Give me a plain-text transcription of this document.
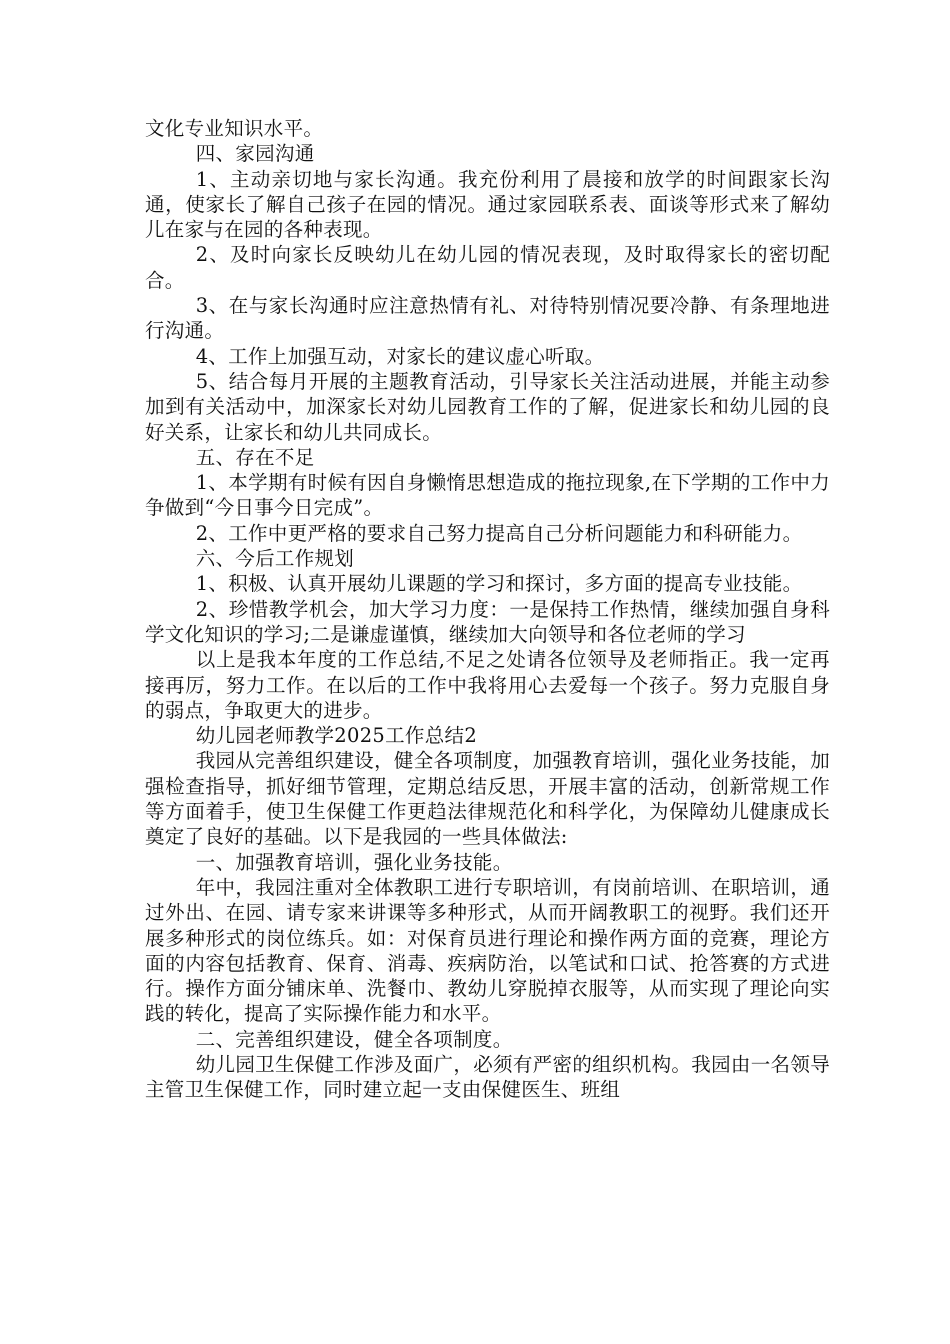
文化专业知识水平。

四、家园沟通

1、主动亲切地与家长沟通。我充份利用了晨接和放学的时间跟家长沟通，使家长了解自己孩子在园的情况。通过家园联系表、面谈等形式来了解幼儿在家与在园的各种表现。

2、及时向家长反映幼儿在幼儿园的情况表现，及时取得家长的密切配合。

3、在与家长沟通时应注意热情有礼、对待特别情况要冷静、有条理地进行沟通。

4、工作上加强互动，对家长的建议虚心听取。

5、结合每月开展的主题教育活动，引导家长关注活动进展，并能主动参加到有关活动中，加深家长对幼儿园教育工作的了解，促进家长和幼儿园的良好关系，让家长和幼儿共同成长。

五、存在不足

1、本学期有时候有因自身懒惰思想造成的拖拉现象,在下学期的工作中力争做到“今日事今日完成”。

2、工作中更严格的要求自己努力提高自己分析问题能力和科研能力。

六、今后工作规划

1、积极、认真开展幼儿课题的学习和探讨，多方面的提高专业技能。

2、珍惜教学机会，加大学习力度：一是保持工作热情，继续加强自身科学文化知识的学习;二是谦虚谨慎，继续加大向领导和各位老师的学习

以上是我本年度的工作总结,不足之处请各位领导及老师指正。我一定再接再厉，努力工作。在以后的工作中我将用心去爱每一个孩子。努力克服自身的弱点，争取更大的进步。

幼儿园老师教学2025工作总结2

我园从完善组织建设，健全各项制度，加强教育培训，强化业务技能，加强检查指导，抓好细节管理，定期总结反思，开展丰富的活动，创新常规工作等方面着手，使卫生保健工作更趋法律规范化和科学化，为保障幼儿健康成长奠定了良好的基础。以下是我园的一些具体做法:

一、加强教育培训，强化业务技能。

年中，我园注重对全体教职工进行专职培训，有岗前培训、在职培训，通过外出、在园、请专家来讲课等多种形式，从而开阔教职工的视野。我们还开展多种形式的岗位练兵。如：对保育员进行理论和操作两方面的竞赛，理论方面的内容包括教育、保育、消毒、疾病防治，以笔试和口试、抢答赛的方式进行。操作方面分铺床单、洗餐巾、教幼儿穿脱掉衣服等，从而实现了理论向实践的转化，提高了实际操作能力和水平。

二、完善组织建设，健全各项制度。

幼儿园卫生保健工作涉及面广，必须有严密的组织机构。我园由一名领导主管卫生保健工作，同时建立起一支由保健医生、班组
